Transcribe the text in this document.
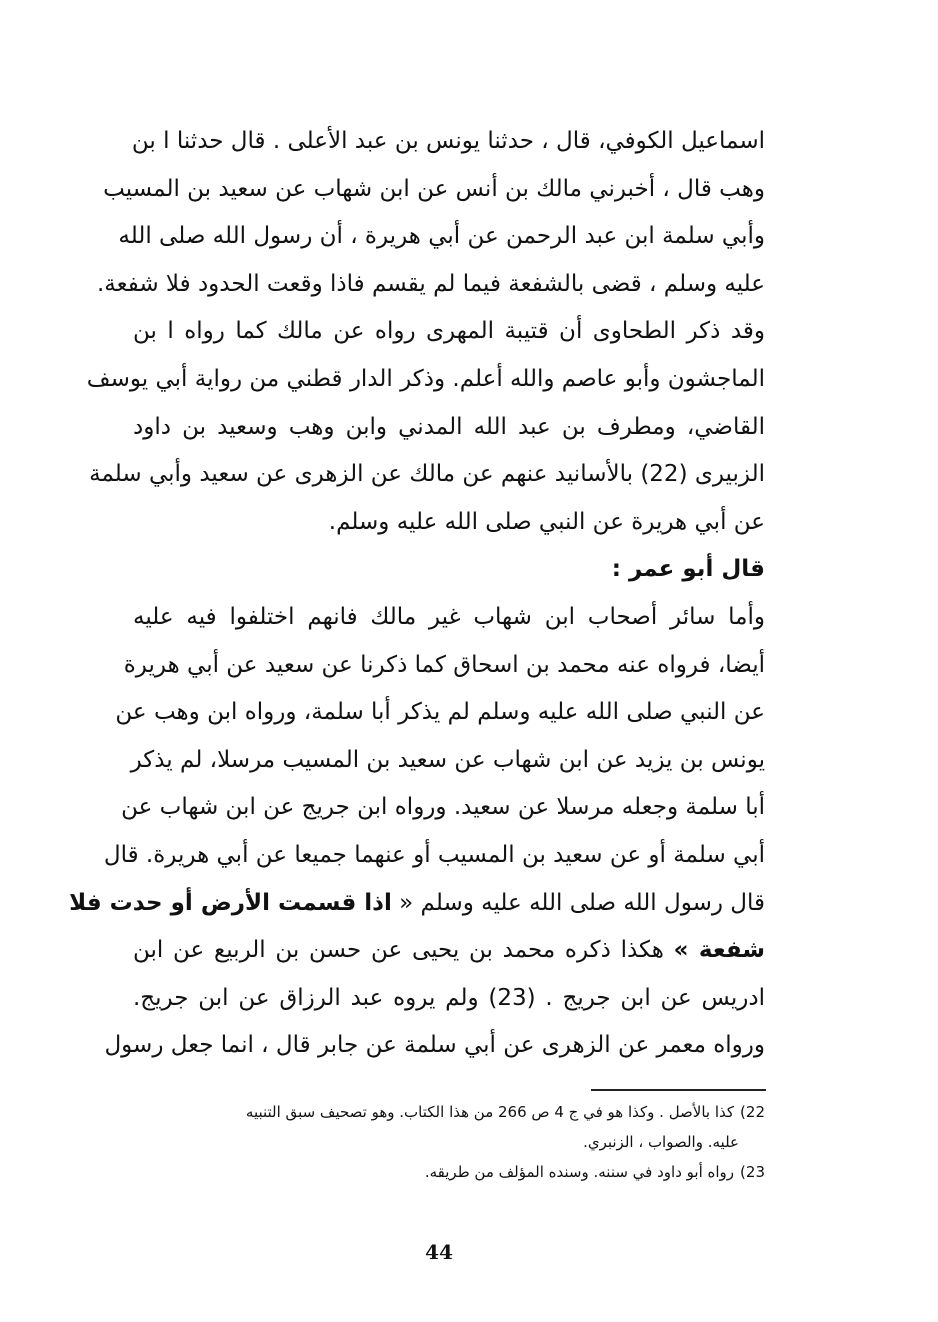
اسماعيل الكوفي، قال ، حدثنا يونس بن عبد الأعلى . قال حدثنا ا بن
وهب قال ، أخبرني مالك بن أنس عن ابن شهاب عن سعيد بن المسيب
وأبي سلمة ابن عبد الرحمن عن أبي هريرة ، أن رسول الله صلى الله
عليه وسلم ، قضى بالشفعة فيما لم يقسم فاذا وقعت الحدود فلا شفعة.
وقد ذكر الطحاوى أن قتيبة المهرى رواه عن مالك كما رواه ا بن
الماجشون وأبو عاصم والله أعلم. وذكر الدار قطني من رواية أبي يوسف
القاضي، ومطرف بن عبد الله المدني وابن وهب وسعيد بن داود
الزبيرى (22) بالأسانيد عنهم عن مالك عن الزهرى عن سعيد وأبي سلمة
عن أبي هريرة عن النبي صلى الله عليه وسلم.
قال أبو عمر :
وأما سائر أصحاب ابن شهاب غير مالك فانهم اختلفوا فيه عليه
أيضا، فرواه عنه محمد بن اسحاق كما ذكرنا عن سعيد عن أبي هريرة
عن النبي صلى الله عليه وسلم لم يذكر أبا سلمة، ورواه ابن وهب عن
يونس بن يزيد عن ابن شهاب عن سعيد بن المسيب مرسلا، لم يذكر
أبا سلمة وجعله مرسلا عن سعيد. ورواه ابن جريج عن ابن شهاب عن
أبي سلمة أو عن سعيد بن المسيب أو عنهما جميعا عن أبي هريرة. قال
قال رسول الله صلى الله عليه وسلم « اذا قسمت الأرض أو حدت فلا
شفعة » هكذا ذكره محمد بن يحيى عن حسن بن الربيع عن ابن
ادريس عن ابن جريج . (23) ولم يروه عبد الرزاق عن ابن جريج.
ورواه معمر عن الزهرى عن أبي سلمة عن جابر قال ، انما جعل رسول
22)كذا بالأصل . وكذا هو في ج 4 ص 266 من هذا الكتاب. وهو تصحيف سبق التنبيه
عليه. والصواب ، الزنبري.
23)رواه أبو داود في سننه. وسنده المؤلف من طريقه.
44
